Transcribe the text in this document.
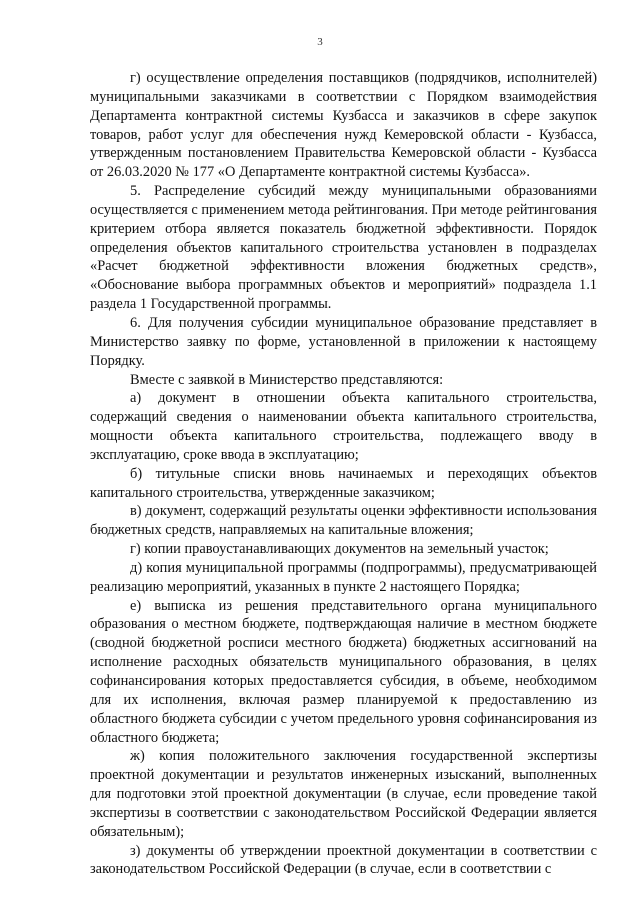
3

г) осуществление определения поставщиков (подрядчиков, исполнителей) муниципальными заказчиками в соответствии с Порядком взаимодействия Департамента контрактной системы Кузбасса и заказчиков в сфере закупок товаров, работ услуг для обеспечения нужд Кемеровской области - Кузбасса, утвержденным постановлением Правительства Кемеровской области - Кузбасса от 26.03.2020 № 177 «О Департаменте контрактной системы Кузбасса».

5. Распределение субсидий между муниципальными образованиями осуществляется с применением метода рейтингования. При методе рейтингования критерием отбора является показатель бюджетной эффективности. Порядок определения объектов капитального строительства установлен в подразделах «Расчет бюджетной эффективности вложения бюджетных средств», «Обоснование выбора программных объектов и мероприятий» подраздела 1.1 раздела 1 Государственной программы.

6. Для получения субсидии муниципальное образование представляет в Министерство заявку по форме, установленной в приложении к настоящему Порядку.

Вместе с заявкой в Министерство представляются:

а) документ в отношении объекта капитального строительства, содержащий сведения о наименовании объекта капитального строительства, мощности объекта капитального строительства, подлежащего вводу в эксплуатацию, сроке ввода в эксплуатацию;

б) титульные списки вновь начинаемых и переходящих объектов капитального строительства, утвержденные заказчиком;

в) документ, содержащий результаты оценки эффективности использования бюджетных средств, направляемых на капитальные вложения;

г) копии правоустанавливающих документов на земельный участок;

д) копия муниципальной программы (подпрограммы), предусматривающей реализацию мероприятий, указанных в пункте 2 настоящего Порядка;

е) выписка из решения представительного органа муниципального образования о местном бюджете, подтверждающая наличие в местном бюджете (сводной бюджетной росписи местного бюджета) бюджетных ассигнований на исполнение расходных обязательств муниципального образования, в целях софинансирования которых предоставляется субсидия, в объеме, необходимом для их исполнения, включая размер планируемой к предоставлению из областного бюджета субсидии с учетом предельного уровня софинансирования из областного бюджета;

ж) копия положительного заключения государственной экспертизы проектной документации и результатов инженерных изысканий, выполненных для подготовки этой проектной документации (в случае, если проведение такой экспертизы в соответствии с законодательством Российской Федерации является обязательным);

з) документы об утверждении проектной документации в соответствии с законодательством Российской Федерации (в случае, если в соответствии с
